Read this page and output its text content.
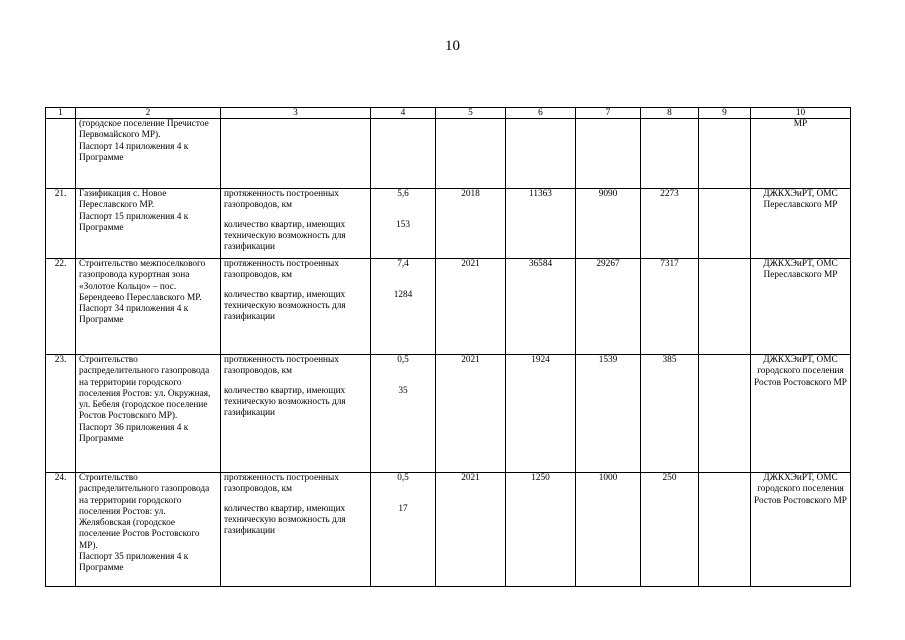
10
1	2	3	4	5	6	7	8	9	10
	(городское поселение Пречистое Первомайского МР).
Паспорт 14 приложения 4 к Программе								МР
21.	Газификация с. Новое Переславского МР.
Паспорт 15 приложения 4 к Программе	протяженность построенных газопроводов, км
количество квартир, имеющих техническую возможность для газификации	5,6
153	2018	11363	9090	2273		ДЖКХЭиРТ, ОМС Переславского МР
22.	Строительство межпоселкового газопровода курортная зона «Золотое Кольцо» – пос. Берендеево Переславского МР.
Паспорт 34 приложения 4 к Программе	протяженность построенных газопроводов, км
количество квартир, имеющих техническую возможность для газификации	7,4
1284	2021	36584	29267	7317		ДЖКХЭиРТ, ОМС Переславского МР
23.	Строительство распределительного газопровода на территории городского поселения Ростов: ул. Окружная, ул. Бебеля (городское поселение Ростов Ростовского МР).
Паспорт 36 приложения 4 к Программе	протяженность построенных газопроводов, км
количество квартир, имеющих техническую возможность для газификации	0,5
35	2021	1924	1539	385		ДЖКХЭиРТ, ОМС городского поселения Ростов Ростовского МР
24.	Строительство распределительного газопровода на территории городского поселения Ростов: ул. Желябовская (городское поселение Ростов Ростовского МР).
Паспорт 35 приложения 4 к Программе	протяженность построенных газопроводов, км
количество квартир, имеющих техническую возможность для газификации	0,5
17	2021	1250	1000	250		ДЖКХЭиРТ, ОМС городского поселения Ростов Ростовского МР
